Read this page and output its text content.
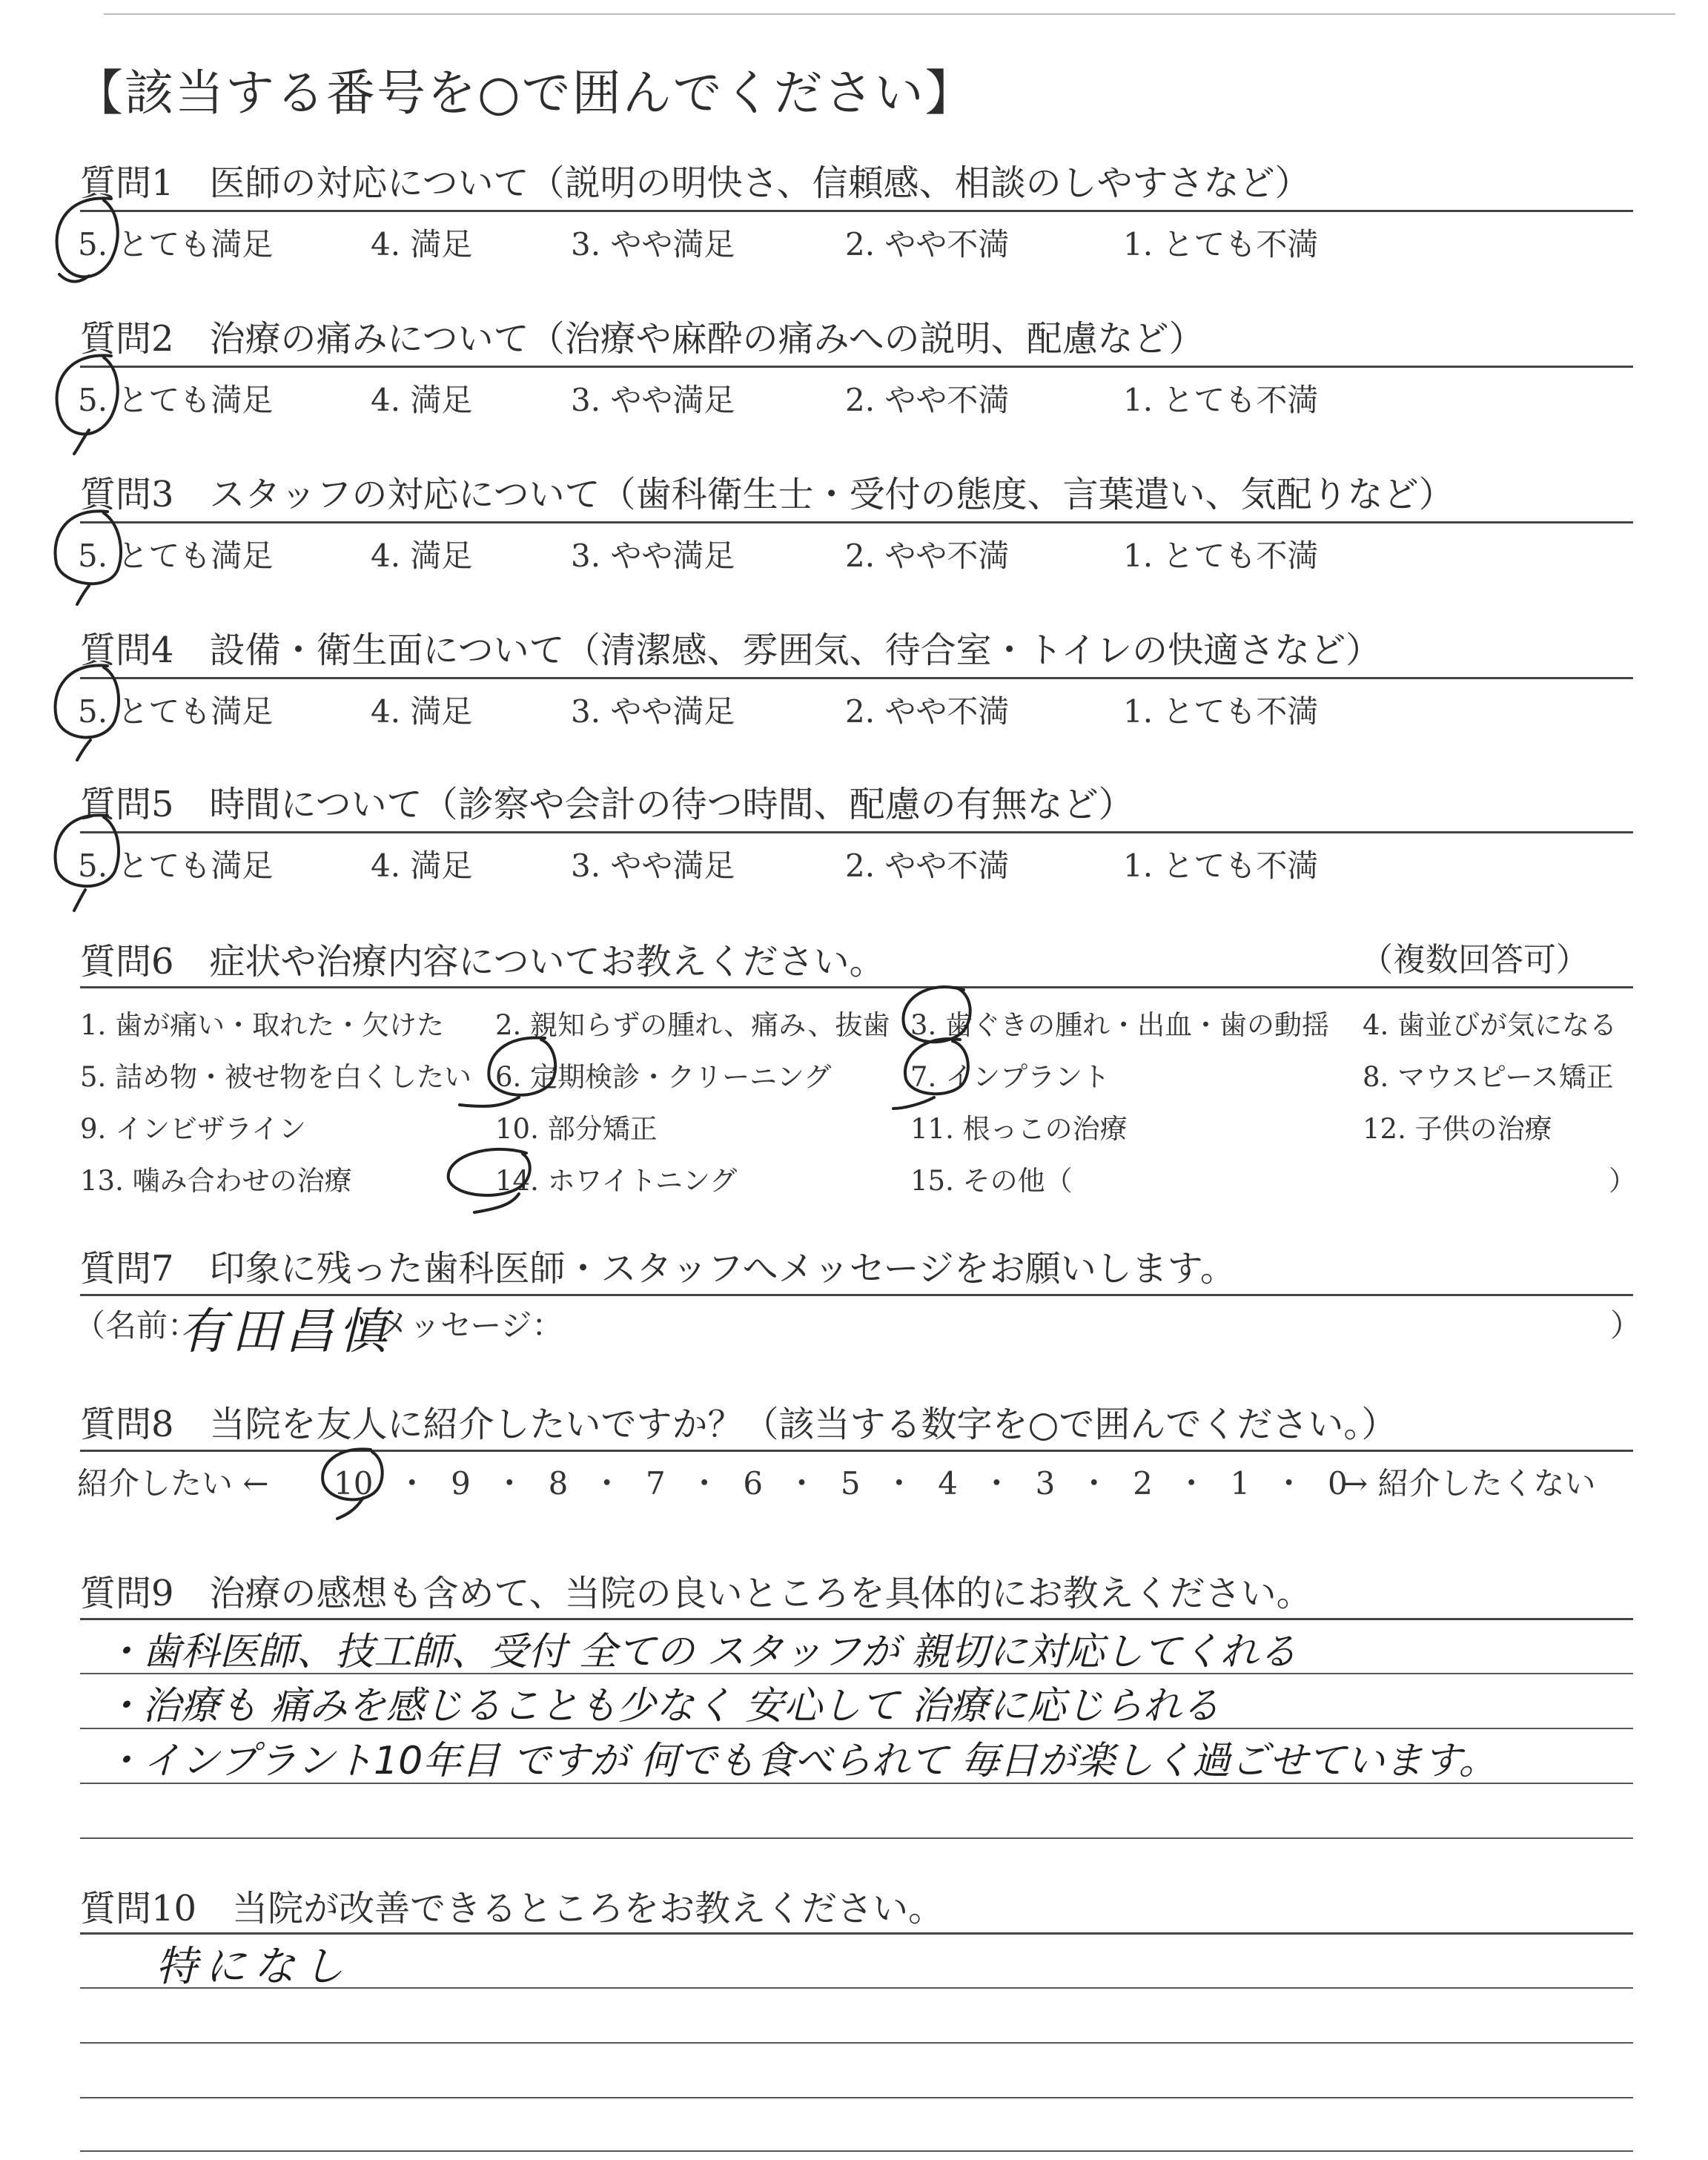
【該当する番号を○で囲んでください】
質問1　医師の対応について（説明の明快さ、信頼感、相談のしやすさなど）
5. とても満足	4. 満足	3. やや満足	2. やや不満	1. とても不満
質問2　治療の痛みについて（治療や麻酔の痛みへの説明、配慮など）
5. とても満足	4. 満足	3. やや満足	2. やや不満	1. とても不満
質問3　スタッフの対応について（歯科衛生士・受付の態度、言葉遣い、気配りなど）
5. とても満足	4. 満足	3. やや満足	2. やや不満	1. とても不満
質問4　設備・衛生面について（清潔感、雰囲気、待合室・トイレの快適さなど）
5. とても満足	4. 満足	3. やや満足	2. やや不満	1. とても不満
質問5　時間について（診察や会計の待つ時間、配慮の有無など）
5. とても満足	4. 満足	3. やや満足	2. やや不満	1. とても不満
質問6　症状や治療内容についてお教えください。	（複数回答可）
1. 歯が痛い・取れた・欠けた 2. 親知らずの腫れ、痛み、抜歯 3. 歯ぐきの腫れ・出血・歯の動揺 4. 歯並びが気になる
5. 詰め物・被せ物を白くしたい 6. 定期検診・クリーニング	7. インプラント	8. マウスピース矯正
9. インビザライン	10. 部分矯正	11. 根っこの治療	12. 子供の治療
13. 噛み合わせの治療	14. ホワイトニング	15. その他（	）
質問7　印象に残った歯科医師・スタッフへメッセージをお願いします。
（名前：
有田昌慎
メッセージ：	）
質問8　当院を友人に紹介したいですか？（該当する数字を○で囲んでください。）
紹介したい ← 10 ・ 9 ・ 8 ・ 7 ・ 6 ・ 5 ・ 4 ・ 3 ・ 2 ・ 1 ・ 0
→ 紹介したくない
質問9　治療の感想も含めて、当院の良いところを具体的にお教えください。
・歯科医師、技工師、受付 全ての スタッフが 親切に対応してくれる
・治療も 痛みを感じることも少なく 安心して 治療に応じられる
・インプラント10年目 ですが 何でも食べられて 毎日が楽しく過ごせています。
質問10　当院が改善できるところをお教えください。
特になし
